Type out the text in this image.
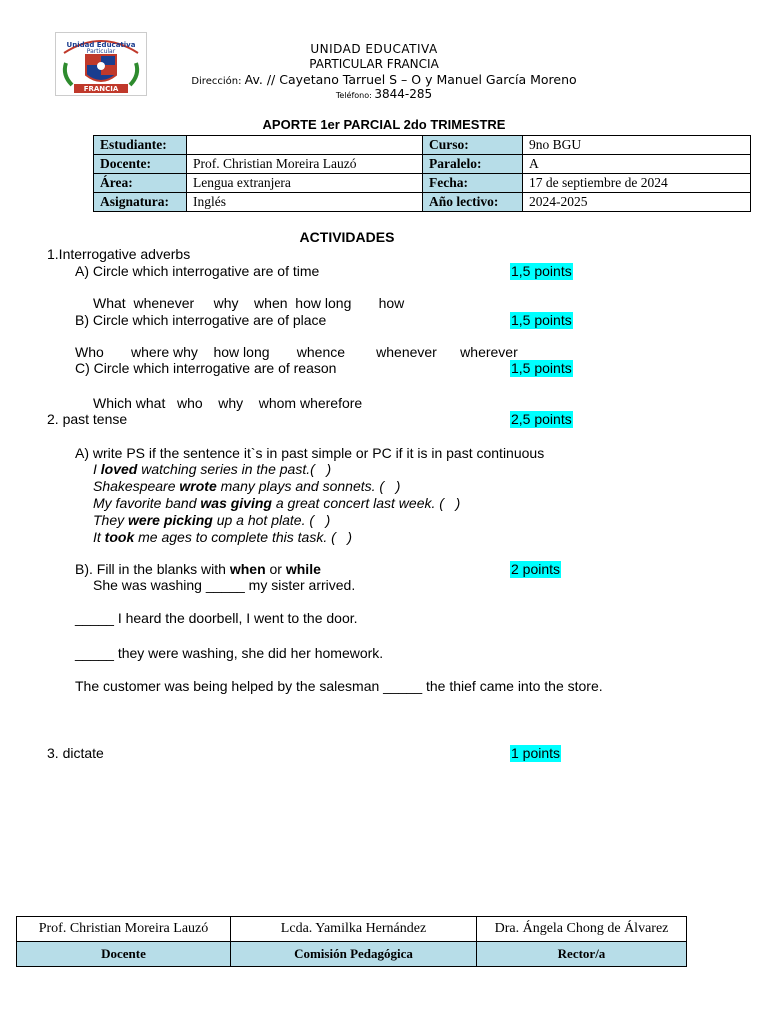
Unidad Educativa
Particular
FRANCIA
UNIDAD EDUCATIVA
PARTICULAR FRANCIA
Dirección: Av. // Cayetano Tarruel S – O y Manuel García Moreno
Teléfono: 3844-285
APORTE 1er PARCIAL 2do TRIMESTRE
Estudiante:		Curso:	9no BGU
Docente:	Prof. Christian Moreira Lauzó	Paralelo:	A
Área:	Lengua extranjera	Fecha:	17 de septiembre de 2024
Asignatura:	Inglés	Año lectivo:	2024-2025
ACTIVIDADES
1.Interrogative adverbs
A) Circle which interrogative are of time	1,5 points
What  whenever     why    when  how long       how
B) Circle which interrogative are of place	1,5 points
Who       where why    how long       whence        whenever      wherever
C) Circle which interrogative are of reason	1,5 points
Which what   who    why    whom wherefore
2. past tense	2,5 points
A) write PS if the sentence it`s in past simple or PC if it is in past continuous
I loved watching series in the past.(   )
Shakespeare wrote many plays and sonnets. (   )
My favorite band was giving a great concert last week. (   )
They were picking up a hot plate. (   )
It took me ages to complete this task. (   )
B). Fill in the blanks with when or while	2 points
She was washing _____ my sister arrived.
_____ I heard the doorbell, I went to the door.
_____ they were washing, she did her homework.
The customer was being helped by the salesman _____ the thief came into the store.
3. dictate	1 points
Prof. Christian Moreira Lauzó	Lcda. Yamilka Hernández	Dra. Ángela Chong de Álvarez
Docente	Comisión Pedagógica	Rector/a
